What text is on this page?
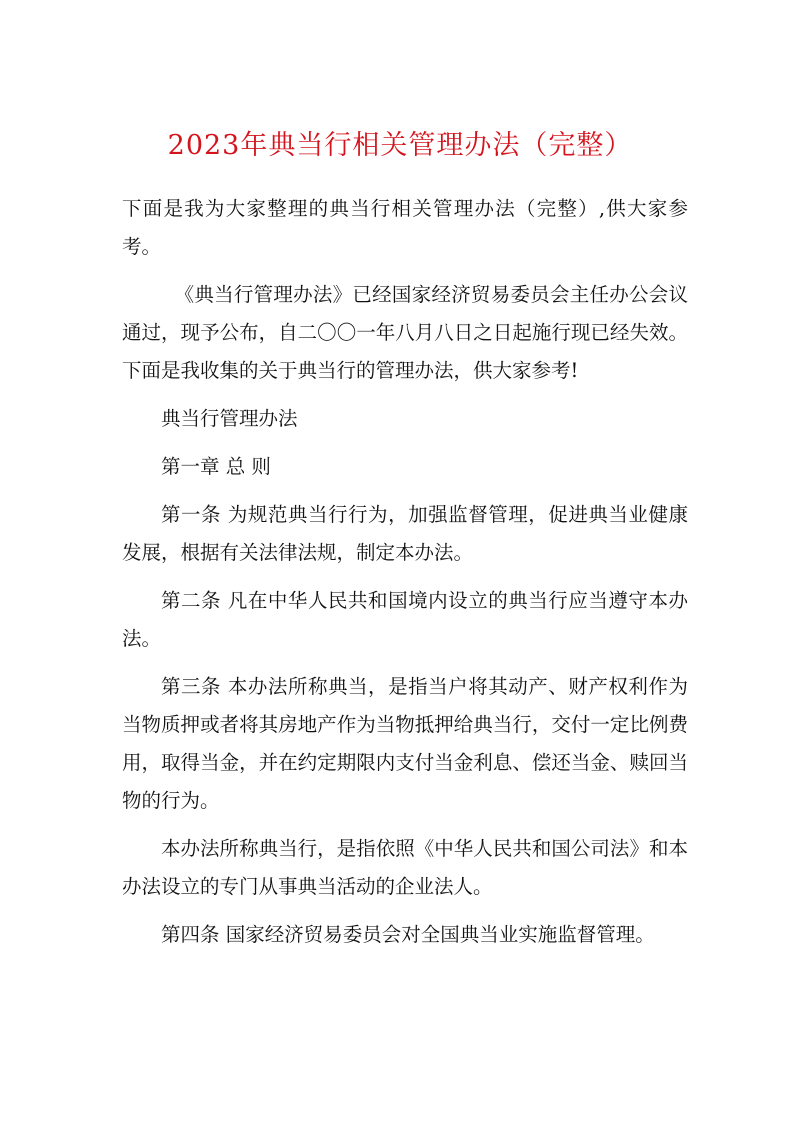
2023年典当行相关管理办法（完整）

下面是我为大家整理的典当行相关管理办法（完整）,供大家参考。

《典当行管理办法》已经国家经济贸易委员会主任办公会议通过，现予公布，自二〇〇一年八月八日之日起施行现已经失效。下面是我收集的关于典当行的管理办法，供大家参考!

典当行管理办法

第一章 总 则

第一条 为规范典当行行为，加强监督管理，促进典当业健康发展，根据有关法律法规，制定本办法。

第二条 凡在中华人民共和国境内设立的典当行应当遵守本办法。

第三条 本办法所称典当，是指当户将其动产、财产权利作为当物质押或者将其房地产作为当物抵押给典当行，交付一定比例费用，取得当金，并在约定期限内支付当金利息、偿还当金、赎回当物的行为。

本办法所称典当行，是指依照《中华人民共和国公司法》和本办法设立的专门从事典当活动的企业法人。

第四条 国家经济贸易委员会对全国典当业实施监督管理。
